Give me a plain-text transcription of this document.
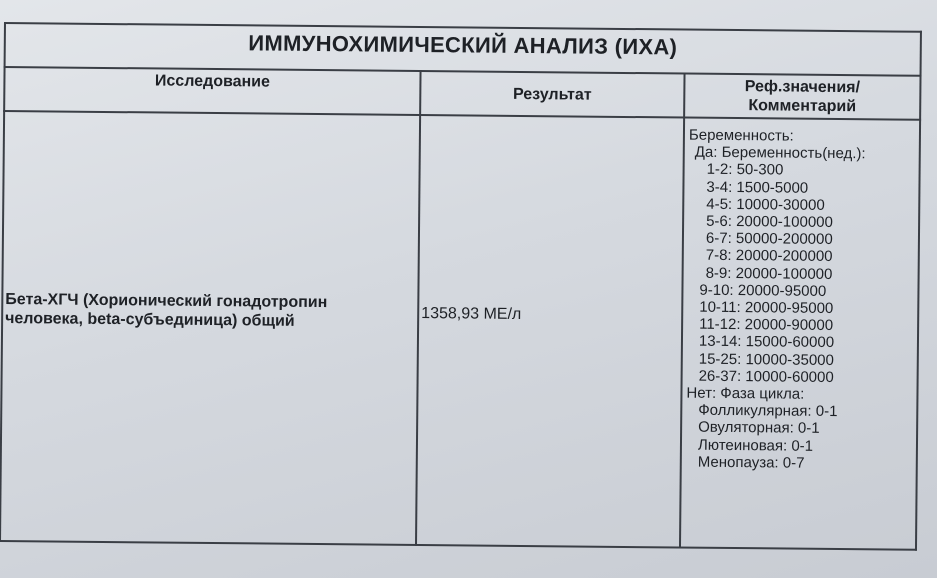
ИММУНОХИМИЧЕСКИЙ АНАЛИЗ (ИХА)
Исследование
Результат	Реф.значения/
Комментарий
Бета-ХГЧ (Хорионический гонадотропин
человека, beta-субъединица) общий	1358,93 МЕ/л
Беременность:
Да: Беременность(нед.):
1-2: 50-300
3-4: 1500-5000
4-5: 10000-30000
5-6: 20000-100000
6-7: 50000-200000
7-8: 20000-200000
8-9: 20000-100000
9-10: 20000-95000
10-11: 20000-95000
11-12: 20000-90000
13-14: 15000-60000
15-25: 10000-35000
26-37: 10000-60000
Нет: Фаза цикла:
Фолликулярная: 0-1
Овуляторная: 0-1
Лютеиновая: 0-1
Менопауза: 0-7
